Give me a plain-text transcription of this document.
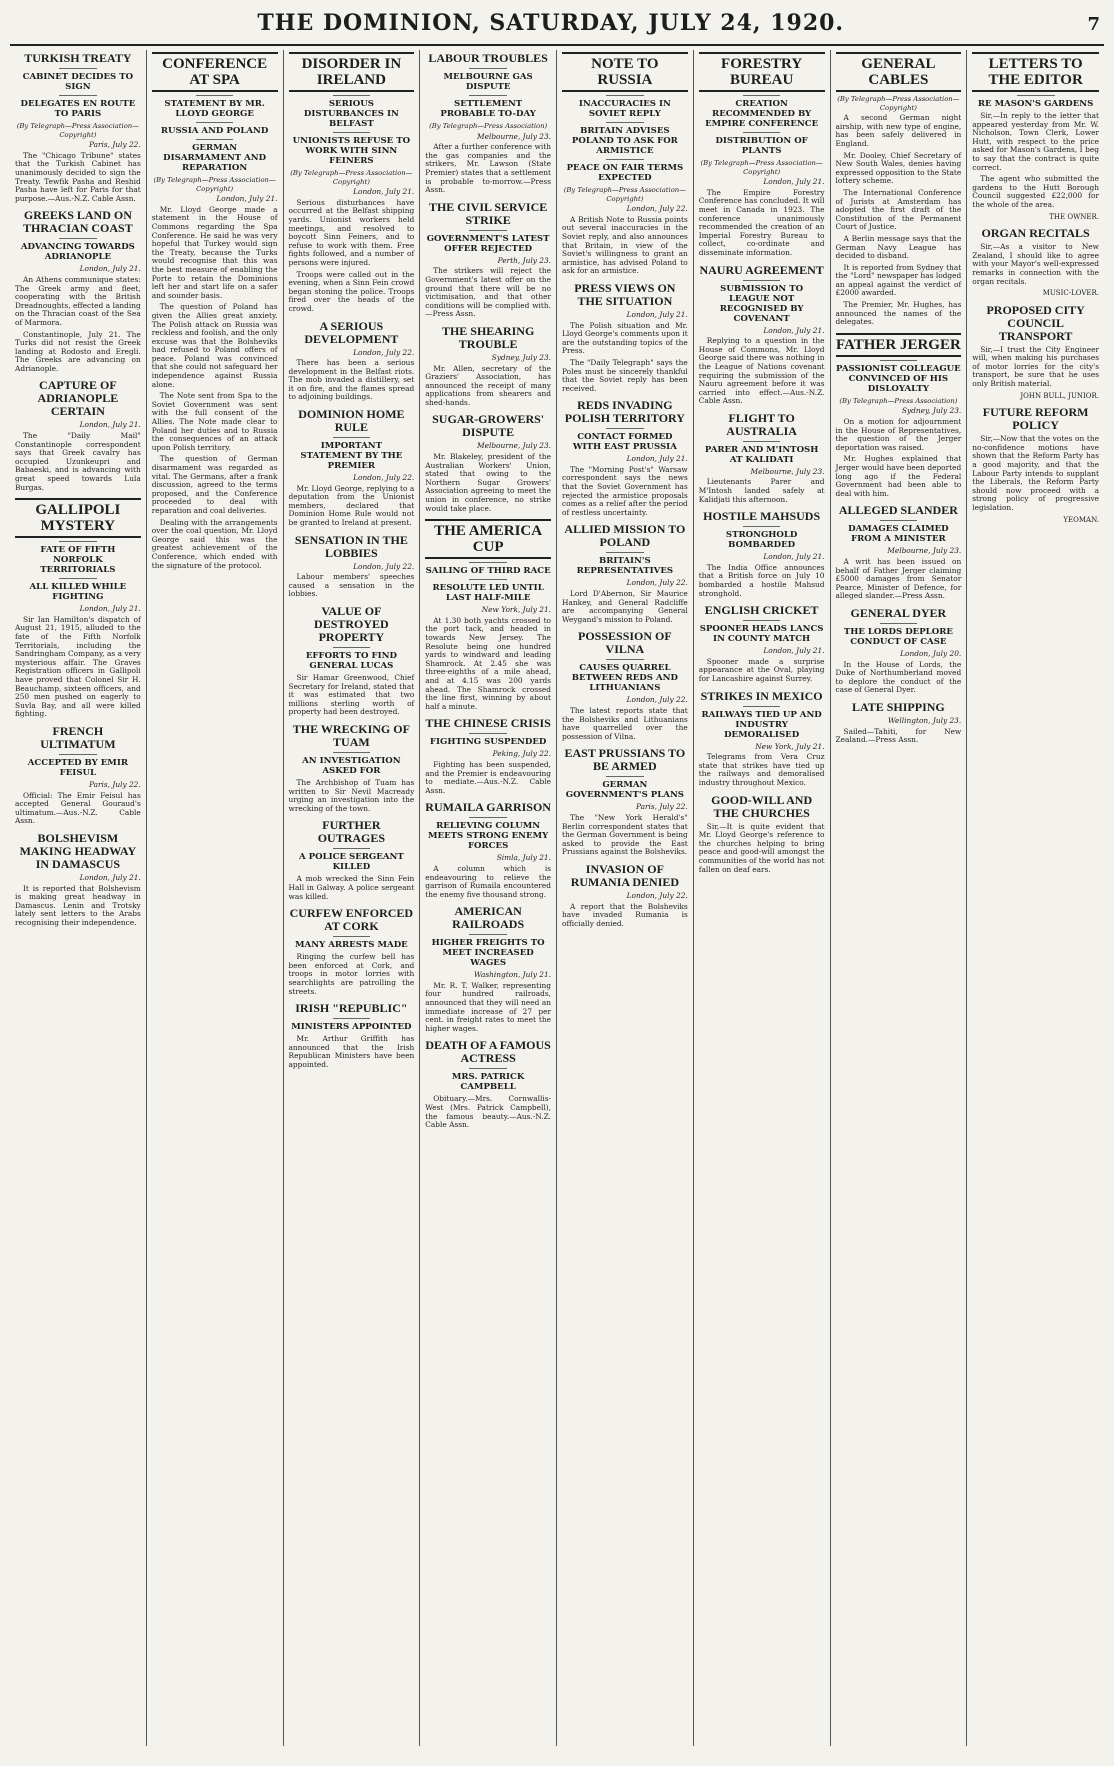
THE DOMINION, SATURDAY, JULY 24, 1920.	7
TURKISH TREATY
CABINET DECIDES TO SIGN
DELEGATES EN ROUTE TO PARIS
(By Telegraph—Press Association—Copyright)
Paris, July 22.

The "Chicago Tribune" states that the Turkish Cabinet has unanimously decided to sign the Treaty. Tewfik Pasha and Reshid Pasha have left for Paris for that purpose.—Aus.-N.Z. Cable Assn.

GREEKS LAND ON THRACIAN COAST
ADVANCING TOWARDS ADRIANOPLE
London, July 21.

An Athens communique states: The Greek army and fleet, cooperating with the British Dreadnoughts, effected a landing on the Thracian coast of the Sea of Marmora.

Constantinople, July 21. The Turks did not resist the Greek landing at Rodosto and Eregli. The Greeks are advancing on Adrianople.

CAPTURE OF ADRIANOPLE CERTAIN
London, July 21.

The "Daily Mail" Constantinople correspondent says that Greek cavalry has occupied Uzunkeupri and Babaeski, and is advancing with great speed towards Lula Burgas.

GALLIPOLI MYSTERY
FATE OF FIFTH NORFOLK TERRITORIALS
ALL KILLED WHILE FIGHTING
London, July 21.

Sir Ian Hamilton's dispatch of August 21, 1915, alluded to the fate of the Fifth Norfolk Territorials, including the Sandringham Company, as a very mysterious affair. The Graves Registration officers in Gallipoli have proved that Colonel Sir H. Beauchamp, sixteen officers, and 250 men pushed on eagerly to Suvla Bay, and all were killed fighting.

FRENCH ULTIMATUM
ACCEPTED BY EMIR FEISUL
Paris, July 22.

Official: The Emir Feisul has accepted General Gouraud's ultimatum.—Aus.-N.Z. Cable Assn.

BOLSHEVISM MAKING HEADWAY IN DAMASCUS
London, July 21.

It is reported that Bolshevism is making great headway in Damascus. Lenin and Trotsky lately sent letters to the Arabs recognising their independence.

CONFERENCE AT SPA
STATEMENT BY MR. LLOYD GEORGE
RUSSIA AND POLAND
GERMAN DISARMAMENT AND REPARATION
(By Telegraph—Press Association—Copyright)
London, July 21.

Mr. Lloyd George made a statement in the House of Commons regarding the Spa Conference. He said he was very hopeful that Turkey would sign the Treaty, because the Turks would recognise that this was the best measure of enabling the Porte to retain the Dominions left her and start life on a safer and sounder basis.

The question of Poland has given the Allies great anxiety. The Polish attack on Russia was reckless and foolish, and the only excuse was that the Bolsheviks had refused to Poland offers of peace. Poland was convinced that she could not safeguard her independence against Russia alone.

The Note sent from Spa to the Soviet Government was sent with the full consent of the Allies. The Note made clear to Poland her duties and to Russia the consequences of an attack upon Polish territory.

The question of German disarmament was regarded as vital. The Germans, after a frank discussion, agreed to the terms proposed, and the Conference proceeded to deal with reparation and coal deliveries.

Dealing with the arrangements over the coal question, Mr. Lloyd George said this was the greatest achievement of the Conference, which ended with the signature of the protocol.

DISORDER IN IRELAND
SERIOUS DISTURBANCES IN BELFAST
UNIONISTS REFUSE TO WORK WITH SINN FEINERS
(By Telegraph—Press Association—Copyright)
London, July 21.

Serious disturbances have occurred at the Belfast shipping yards. Unionist workers held meetings, and resolved to boycott Sinn Feiners, and to refuse to work with them. Free fights followed, and a number of persons were injured.

Troops were called out in the evening, when a Sinn Fein crowd began stoning the police. Troops fired over the heads of the crowd.

A SERIOUS DEVELOPMENT
London, July 22.

There has been a serious development in the Belfast riots. The mob invaded a distillery, set it on fire, and the flames spread to adjoining buildings.

DOMINION HOME RULE
IMPORTANT STATEMENT BY THE PREMIER
London, July 22.

Mr. Lloyd George, replying to a deputation from the Unionist members, declared that Dominion Home Rule would not be granted to Ireland at present.

SENSATION IN THE LOBBIES
London, July 22.

Labour members' speeches caused a sensation in the lobbies.

VALUE OF DESTROYED PROPERTY
EFFORTS TO FIND GENERAL LUCAS

Sir Hamar Greenwood, Chief Secretary for Ireland, stated that it was estimated that two millions sterling worth of property had been destroyed.

THE WRECKING OF TUAM
AN INVESTIGATION ASKED FOR

The Archbishop of Tuam has written to Sir Nevil Macready urging an investigation into the wrecking of the town.

FURTHER OUTRAGES
A POLICE SERGEANT KILLED

A mob wrecked the Sinn Fein Hall in Galway. A police sergeant was killed.

CURFEW ENFORCED AT CORK
MANY ARRESTS MADE

Ringing the curfew bell has been enforced at Cork, and troops in motor lorries with searchlights are patrolling the streets.

IRISH "REPUBLIC"
MINISTERS APPOINTED

Mr. Arthur Griffith has announced that the Irish Republican Ministers have been appointed.

LABOUR TROUBLES
MELBOURNE GAS DISPUTE
SETTLEMENT PROBABLE TO-DAY
(By Telegraph—Press Association)
Melbourne, July 23.

After a further conference with the gas companies and the strikers, Mr. Lawson (State Premier) states that a settlement is probable to-morrow.—Press Assn.

THE CIVIL SERVICE STRIKE
GOVERNMENT'S LATEST OFFER REJECTED
Perth, July 23.

The strikers will reject the Government's latest offer on the ground that there will be no victimisation, and that other conditions will be complied with.—Press Assn.

THE SHEARING TROUBLE
Sydney, July 23.

Mr. Allen, secretary of the Graziers' Association, has announced the receipt of many applications from shearers and shed-hands.

SUGAR-GROWERS' DISPUTE
Melbourne, July 23.

Mr. Blakeley, president of the Australian Workers' Union, stated that owing to the Northern Sugar Growers' Association agreeing to meet the union in conference, no strike would take place.

THE AMERICA CUP
SAILING OF THIRD RACE
RESOLUTE LED UNTIL LAST HALF-MILE
New York, July 21.

At 1.30 both yachts crossed to the port tack, and headed in towards New Jersey. The Resolute being one hundred yards to windward and leading Shamrock. At 2.45 she was three-eighths of a mile ahead, and at 4.15 was 200 yards ahead. The Shamrock crossed the line first, winning by about half a minute.

THE CHINESE CRISIS
FIGHTING SUSPENDED
Peking, July 22.

Fighting has been suspended, and the Premier is endeavouring to mediate.—Aus.-N.Z. Cable Assn.

RUMAILA GARRISON
RELIEVING COLUMN MEETS STRONG ENEMY FORCES
Simla, July 21.

A column which is endeavouring to relieve the garrison of Rumaila encountered the enemy five thousand strong.

AMERICAN RAILROADS
HIGHER FREIGHTS TO MEET INCREASED WAGES
Washington, July 21.

Mr. R. T. Walker, representing four hundred railroads, announced that they will need an immediate increase of 27 per cent. in freight rates to meet the higher wages.

DEATH OF A FAMOUS ACTRESS
MRS. PATRICK CAMPBELL

Obituary.—Mrs. Cornwallis-West (Mrs. Patrick Campbell), the famous beauty.—Aus.-N.Z. Cable Assn.

NOTE TO RUSSIA
INACCURACIES IN SOVIET REPLY
BRITAIN ADVISES POLAND TO ASK FOR ARMISTICE
PEACE ON FAIR TERMS EXPECTED
(By Telegraph—Press Association—Copyright)
London, July 22.

A British Note to Russia points out several inaccuracies in the Soviet reply, and also announces that Britain, in view of the Soviet's willingness to grant an armistice, has advised Poland to ask for an armistice.

PRESS VIEWS ON THE SITUATION
London, July 21.

The Polish situation and Mr. Lloyd George's comments upon it are the outstanding topics of the Press.

The "Daily Telegraph" says the Poles must be sincerely thankful that the Soviet reply has been received.

REDS INVADING POLISH TERRITORY
CONTACT FORMED WITH EAST PRUSSIA
London, July 21.

The "Morning Post's" Warsaw correspondent says the news that the Soviet Government has rejected the armistice proposals comes as a relief after the period of restless uncertainty.

ALLIED MISSION TO POLAND
BRITAIN'S REPRESENTATIVES
London, July 22.

Lord D'Abernon, Sir Maurice Hankey, and General Radcliffe are accompanying General Weygand's mission to Poland.

POSSESSION OF VILNA
CAUSES QUARREL BETWEEN REDS AND LITHUANIANS
London, July 22.

The latest reports state that the Bolsheviks and Lithuanians have quarrelled over the possession of Vilna.

EAST PRUSSIANS TO BE ARMED
GERMAN GOVERNMENT'S PLANS
Paris, July 22.

The "New York Herald's" Berlin correspondent states that the German Government is being asked to provide the East Prussians against the Bolsheviks.

INVASION OF RUMANIA DENIED
London, July 22.

A report that the Bolsheviks have invaded Rumania is officially denied.

FORESTRY BUREAU
CREATION RECOMMENDED BY EMPIRE CONFERENCE
DISTRIBUTION OF PLANTS
(By Telegraph—Press Association—Copyright)
London, July 21.

The Empire Forestry Conference has concluded. It will meet in Canada in 1923. The conference unanimously recommended the creation of an Imperial Forestry Bureau to collect, co-ordinate and disseminate information.

NAURU AGREEMENT
SUBMISSION TO LEAGUE NOT RECOGNISED BY COVENANT
London, July 21.

Replying to a question in the House of Commons, Mr. Lloyd George said there was nothing in the League of Nations covenant requiring the submission of the Nauru agreement before it was carried into effect.—Aus.-N.Z. Cable Assn.

FLIGHT TO AUSTRALIA
PARER AND M'INTOSH AT KALIDATI
Melbourne, July 23.

Lieutenants Parer and M'Intosh landed safely at Kalidjati this afternoon.

HOSTILE MAHSUDS
STRONGHOLD BOMBARDED
London, July 21.

The India Office announces that a British force on July 10 bombarded a hostile Mahsud stronghold.

ENGLISH CRICKET
SPOONER HEADS LANCS IN COUNTY MATCH
London, July 21.

Spooner made a surprise appearance at the Oval, playing for Lancashire against Surrey.

STRIKES IN MEXICO
RAILWAYS TIED UP AND INDUSTRY DEMORALISED
New York, July 21.

Telegrams from Vera Cruz state that strikes have tied up the railways and demoralised industry throughout Mexico.

GOOD-WILL AND THE CHURCHES

Sir,—It is quite evident that Mr. Lloyd George's reference to the churches helping to bring peace and good-will amongst the communities of the world has not fallen on deaf ears.

GENERAL CABLES
(By Telegraph—Press Association—Copyright)

A second German night airship, with new type of engine, has been safely delivered in England.

Mr. Dooley, Chief Secretary of New South Wales, denies having expressed opposition to the State lottery scheme.

The International Conference of Jurists at Amsterdam has adopted the first draft of the Constitution of the Permanent Court of Justice.

A Berlin message says that the German Navy League has decided to disband.

It is reported from Sydney that the "Lord" newspaper has lodged an appeal against the verdict of £2000 awarded.

The Premier, Mr. Hughes, has announced the names of the delegates.

FATHER JERGER
PASSIONIST COLLEAGUE CONVINCED OF HIS DISLOYALTY
(By Telegraph—Press Association)
Sydney, July 23.

On a motion for adjournment in the House of Representatives, the question of the Jerger deportation was raised.

Mr. Hughes explained that Jerger would have been deported long ago if the Federal Government had been able to deal with him.

ALLEGED SLANDER
DAMAGES CLAIMED FROM A MINISTER
Melbourne, July 23.

A writ has been issued on behalf of Father Jerger claiming £5000 damages from Senator Pearce, Minister of Defence, for alleged slander.—Press Assn.

GENERAL DYER
THE LORDS DEPLORE CONDUCT OF CASE
London, July 20.

In the House of Lords, the Duke of Northumberland moved to deplore the conduct of the case of General Dyer.

LATE SHIPPING
Wellington, July 23.

Sailed—Tahiti, for New Zealand.—Press Assn.

LETTERS TO THE EDITOR
RE MASON'S GARDENS

Sir,—In reply to the letter that appeared yesterday from Mr. W. Nicholson, Town Clerk, Lower Hutt, with respect to the price asked for Mason's Gardens, I beg to say that the contract is quite correct.

The agent who submitted the gardens to the Hutt Borough Council suggested £22,000 for the whole of the area.

THE OWNER.
ORGAN RECITALS

Sir,—As a visitor to New Zealand, I should like to agree with your Mayor's well-expressed remarks in connection with the organ recitals.

MUSIC-LOVER.
PROPOSED CITY COUNCIL TRANSPORT

Sir,—I trust the City Engineer will, when making his purchases of motor lorries for the city's transport, be sure that he uses only British material.

JOHN BULL, JUNIOR.
FUTURE REFORM POLICY

Sir,—Now that the votes on the no-confidence motions have shown that the Reform Party has a good majority, and that the Labour Party intends to supplant the Liberals, the Reform Party should now proceed with a strong policy of progressive legislation.

YEOMAN.
